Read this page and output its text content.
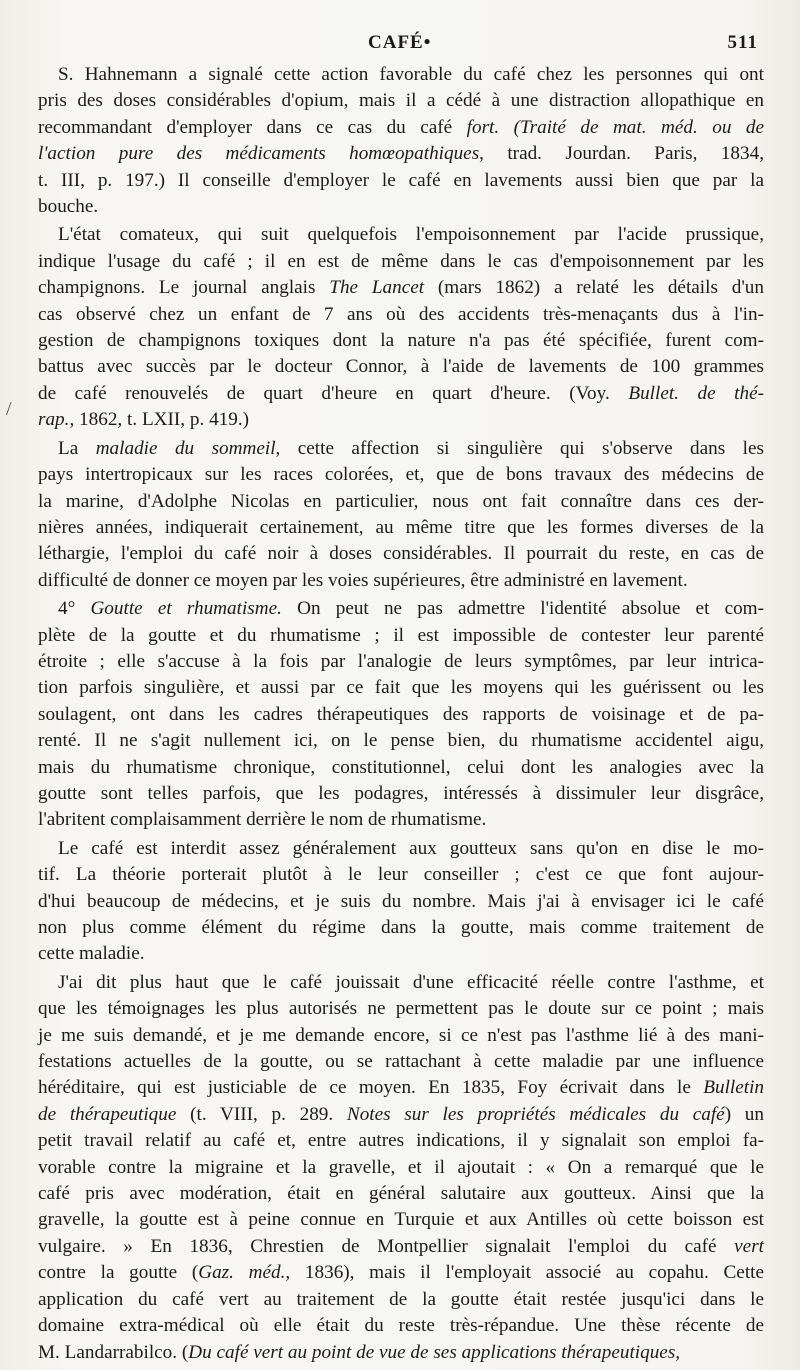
CAFÉ•	511
/

S. Hahnemann a signalé cette action favorable du café chez les personnes qui ont
pris des doses considérables d'opium, mais il a cédé à une distraction allopathique en
recommandant d'employer dans ce cas du café fort. (Traité de mat. méd. ou de
l'action pure des médicaments homœopathiques, trad. Jourdan. Paris, 1834,
t. III, p. 197.) Il conseille d'employer le café en lavements aussi bien que par la
bouche.

L'état comateux, qui suit quelquefois l'empoisonnement par l'acide prussique,
indique l'usage du café ; il en est de même dans le cas d'empoisonnement par les
champignons. Le journal anglais The Lancet (mars 1862) a relaté les détails d'un
cas observé chez un enfant de 7 ans où des accidents très-menaçants dus à l'in-
gestion de champignons toxiques dont la nature n'a pas été spécifiée, furent com-
battus avec succès par le docteur Connor, à l'aide de lavements de 100 grammes
de café renouvelés de quart d'heure en quart d'heure. (Voy. Bullet. de thé-
rap., 1862, t. LXII, p. 419.)

La maladie du sommeil, cette affection si singulière qui s'observe dans les
pays intertropicaux sur les races colorées, et, que de bons travaux des médecins de
la marine, d'Adolphe Nicolas en particulier, nous ont fait connaître dans ces der-
nières années, indiquerait certainement, au même titre que les formes diverses de la
léthargie, l'emploi du café noir à doses considérables. Il pourrait du reste, en cas de
difficulté de donner ce moyen par les voies supérieures, être administré en lavement.

4° Goutte et rhumatisme. On peut ne pas admettre l'identité absolue et com-
plète de la goutte et du rhumatisme ; il est impossible de contester leur parenté
étroite ; elle s'accuse à la fois par l'analogie de leurs symptômes, par leur intrica-
tion parfois singulière, et aussi par ce fait que les moyens qui les guérissent ou les
soulagent, ont dans les cadres thérapeutiques des rapports de voisinage et de pa-
renté. Il ne s'agit nullement ici, on le pense bien, du rhumatisme accidentel aigu,
mais du rhumatisme chronique, constitutionnel, celui dont les analogies avec la
goutte sont telles parfois, que les podagres, intéressés à dissimuler leur disgrâce,
l'abritent complaisamment derrière le nom de rhumatisme.

Le café est interdit assez généralement aux goutteux sans qu'on en dise le mo-
tif. La théorie porterait plutôt à le leur conseiller ; c'est ce que font aujour-
d'hui beaucoup de médecins, et je suis du nombre. Mais j'ai à envisager ici le café
non plus comme élément du régime dans la goutte, mais comme traitement de
cette maladie.

J'ai dit plus haut que le café jouissait d'une efficacité réelle contre l'asthme, et
que les témoignages les plus autorisés ne permettent pas le doute sur ce point ; mais
je me suis demandé, et je me demande encore, si ce n'est pas l'asthme lié à des mani-
festations actuelles de la goutte, ou se rattachant à cette maladie par une influence
héréditaire, qui est justiciable de ce moyen. En 1835, Foy écrivait dans le Bulletin
de thérapeutique (t. VIII, p. 289. Notes sur les propriétés médicales du café) un
petit travail relatif au café et, entre autres indications, il y signalait son emploi fa-
vorable contre la migraine et la gravelle, et il ajoutait : « On a remarqué que le
café pris avec modération, était en général salutaire aux goutteux. Ainsi que la
gravelle, la goutte est à peine connue en Turquie et aux Antilles où cette boisson est
vulgaire. » En 1836, Chrestien de Montpellier signalait l'emploi du café vert
contre la goutte (Gaz. méd., 1836), mais il l'employait associé au copahu. Cette
application du café vert au traitement de la goutte était restée jusqu'ici dans le
domaine extra-médical où elle était du reste très-répandue. Une thèse récente de
M. Landarrabilco. (Du café vert au point de vue de ses applications thérapeutiques,
